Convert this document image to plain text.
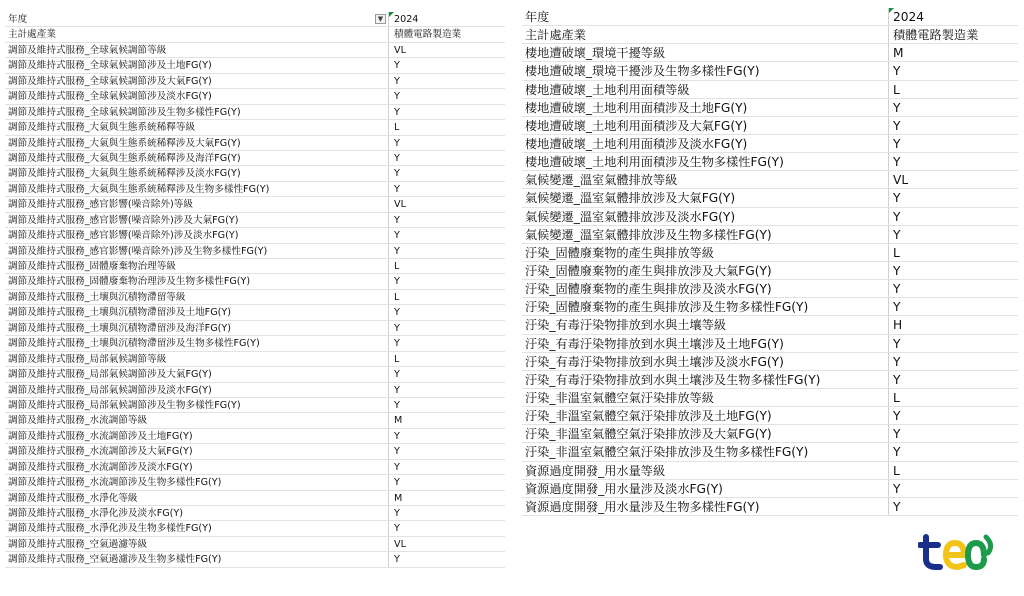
年度	▼	2024
主計處產業	積體電路製造業
調節及維持式服務_全球氣候調節等級	VL
調節及維持式服務_全球氣候調節涉及土地FG(Y)	Y
調節及維持式服務_全球氣候調節涉及大氣FG(Y)	Y
調節及維持式服務_全球氣候調節涉及淡水FG(Y)	Y
調節及維持式服務_全球氣候調節涉及生物多樣性FG(Y)	Y
調節及維持式服務_大氣與生態系統稀釋等級	L
調節及維持式服務_大氣與生態系統稀釋涉及大氣FG(Y)	Y
調節及維持式服務_大氣與生態系統稀釋涉及海洋FG(Y)	Y
調節及維持式服務_大氣與生態系統稀釋涉及淡水FG(Y)	Y
調節及維持式服務_大氣與生態系統稀釋涉及生物多樣性FG(Y)	Y
調節及維持式服務_感官影響(噪音除外)等級	VL
調節及維持式服務_感官影響(噪音除外)涉及大氣FG(Y)	Y
調節及維持式服務_感官影響(噪音除外)涉及淡水FG(Y)	Y
調節及維持式服務_感官影響(噪音除外)涉及生物多樣性FG(Y)	Y
調節及維持式服務_固體廢棄物治理等級	L
調節及維持式服務_固體廢棄物治理涉及生物多樣性FG(Y)	Y
調節及維持式服務_土壤與沉積物滯留等級	L
調節及維持式服務_土壤與沉積物滯留涉及土地FG(Y)	Y
調節及維持式服務_土壤與沉積物滯留涉及海洋FG(Y)	Y
調節及維持式服務_土壤與沉積物滯留涉及生物多樣性FG(Y)	Y
調節及維持式服務_局部氣候調節等級	L
調節及維持式服務_局部氣候調節涉及大氣FG(Y)	Y
調節及維持式服務_局部氣候調節涉及淡水FG(Y)	Y
調節及維持式服務_局部氣候調節涉及生物多樣性FG(Y)	Y
調節及維持式服務_水流調節等級	M
調節及維持式服務_水流調節涉及土地FG(Y)	Y
調節及維持式服務_水流調節涉及大氣FG(Y)	Y
調節及維持式服務_水流調節涉及淡水FG(Y)	Y
調節及維持式服務_水流調節涉及生物多樣性FG(Y)	Y
調節及維持式服務_水淨化等級	M
調節及維持式服務_水淨化涉及淡水FG(Y)	Y
調節及維持式服務_水淨化涉及生物多樣性FG(Y)	Y
調節及維持式服務_空氣過濾等級	VL
調節及維持式服務_空氣過濾涉及生物多樣性FG(Y)	Y
年度	2024
主計處產業	積體電路製造業
棲地遭破壞_環境干擾等級	M
棲地遭破壞_環境干擾涉及生物多樣性FG(Y)	Y
棲地遭破壞_土地利用面積等級	L
棲地遭破壞_土地利用面積涉及土地FG(Y)	Y
棲地遭破壞_土地利用面積涉及大氣FG(Y)	Y
棲地遭破壞_土地利用面積涉及淡水FG(Y)	Y
棲地遭破壞_土地利用面積涉及生物多樣性FG(Y)	Y
氣候變遷_溫室氣體排放等級	VL
氣候變遷_溫室氣體排放涉及大氣FG(Y)	Y
氣候變遷_溫室氣體排放涉及淡水FG(Y)	Y
氣候變遷_溫室氣體排放涉及生物多樣性FG(Y)	Y
汙染_固體廢棄物的產生與排放等級	L
汙染_固體廢棄物的產生與排放涉及大氣FG(Y)	Y
汙染_固體廢棄物的產生與排放涉及淡水FG(Y)	Y
汙染_固體廢棄物的產生與排放涉及生物多樣性FG(Y)	Y
汙染_有毒汙染物排放到水與土壤等級	H
汙染_有毒汙染物排放到水與土壤涉及土地FG(Y)	Y
汙染_有毒汙染物排放到水與土壤涉及淡水FG(Y)	Y
汙染_有毒汙染物排放到水與土壤涉及生物多樣性FG(Y)	Y
汙染_非溫室氣體空氣汙染排放等級	L
汙染_非溫室氣體空氣汙染排放涉及土地FG(Y)	Y
汙染_非溫室氣體空氣汙染排放涉及大氣FG(Y)	Y
汙染_非溫室氣體空氣汙染排放涉及生物多樣性FG(Y)	Y
資源過度開發_用水量等級	L
資源過度開發_用水量涉及淡水FG(Y)	Y
資源過度開發_用水量涉及生物多樣性FG(Y)	Y
